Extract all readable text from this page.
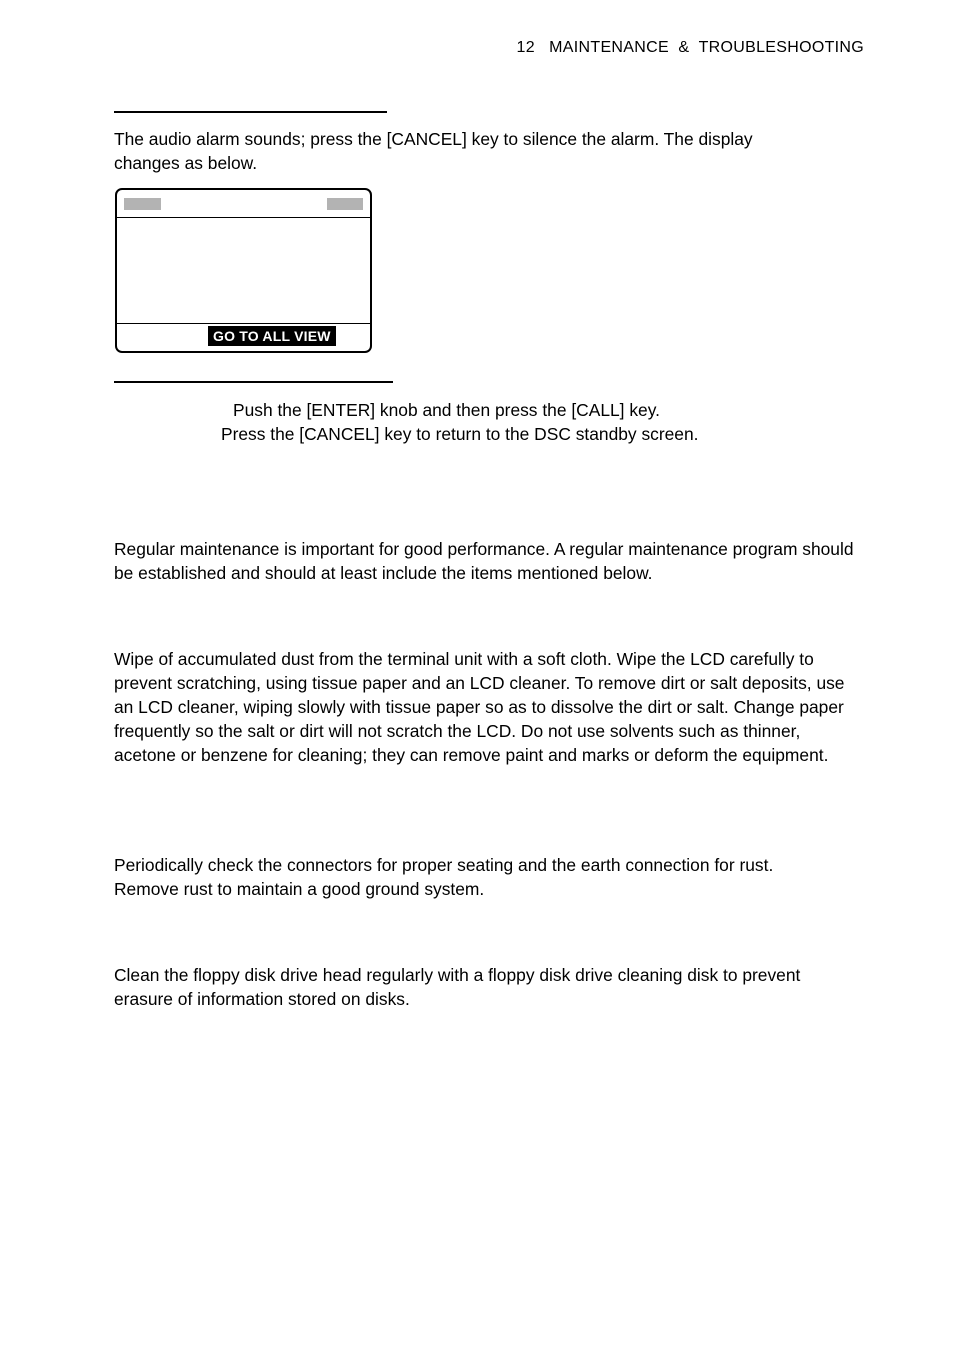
12 MAINTENANCE  &  TROUBLESHOOTING

The audio alarm sounds; press the [CANCEL] key to silence the alarm. The display changes as below.

GO TO ALL VIEW
Push the [ENTER] knob and then press the [CALL] key.
Press the [CANCEL] key to return to the DSC standby screen.

Regular maintenance is important for good performance. A regular maintenance program should be established and should at least include the items mentioned below.

Wipe of accumulated dust from the terminal unit with a soft cloth. Wipe the LCD carefully to prevent scratching, using tissue paper and an LCD cleaner. To remove dirt or salt deposits, use an LCD cleaner, wiping slowly with tissue paper so as to dissolve the dirt or salt. Change paper frequently so the salt or dirt will not scratch the LCD. Do not use solvents such as thinner, acetone or benzene for cleaning; they can remove paint and marks or deform the equipment.

Periodically check the connectors for proper seating and the earth connection for rust. Remove rust to maintain a good ground system.

Clean the floppy disk drive head regularly with a floppy disk drive cleaning disk to prevent erasure of information stored on disks.
